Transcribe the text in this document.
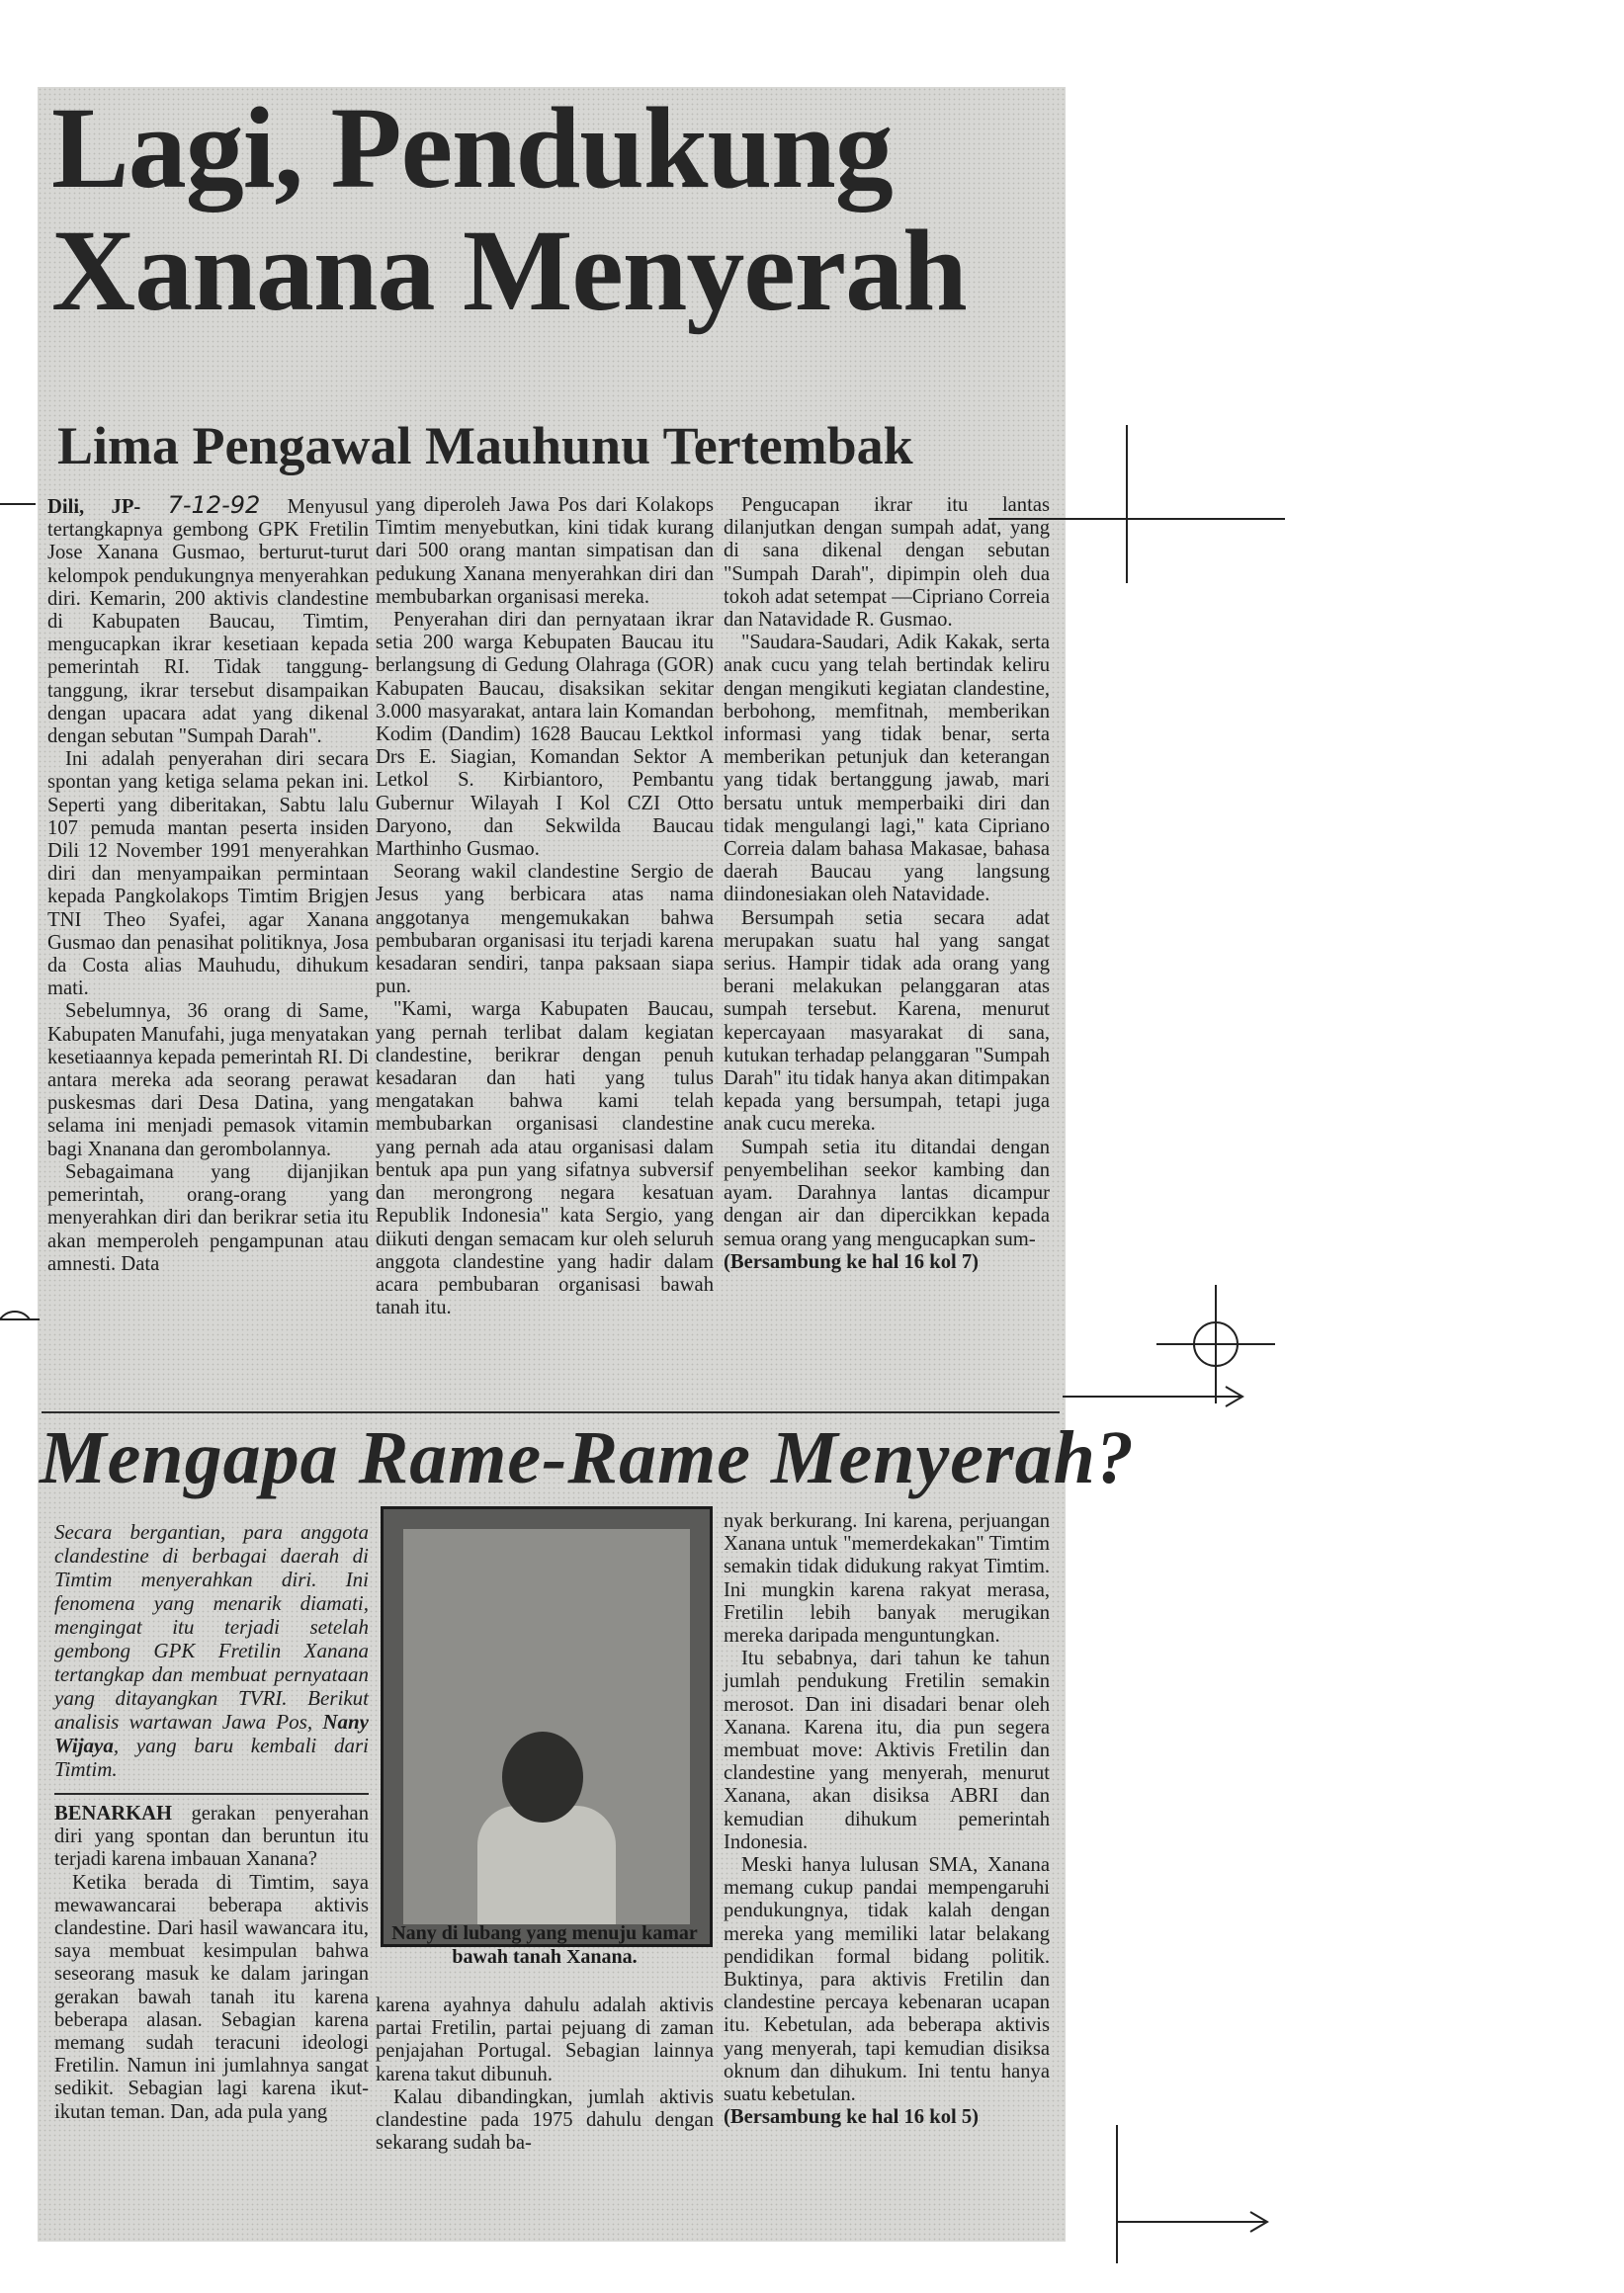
Lagi, Pendukung
Xanana Menyerah
Lima Pengawal Mauhunu Tertembak

Dili, JP- 7-12-92 Menyusul tertangkapnya gembong GPK Fretilin Jose Xanana Gusmao, berturut-turut kelompok pendukungnya menyerahkan diri. Kemarin, 200 aktivis clandestine di Kabupaten Baucau, Timtim, mengucapkan ikrar kesetiaan kepada pemerintah RI. Tidak tanggung-tanggung, ikrar tersebut disampaikan dengan upacara adat yang dikenal dengan sebutan "Sumpah Darah".

Ini adalah penyerahan diri secara spontan yang ketiga selama pekan ini. Seperti yang diberitakan, Sabtu lalu 107 pemuda mantan peserta insiden Dili 12 November 1991 menyerahkan diri dan menyampaikan permintaan kepada Pangkolakops Timtim Brigjen TNI Theo Syafei, agar Xanana Gusmao dan penasihat politiknya, Josa da Costa alias Mauhudu, dihukum mati.

Sebelumnya, 36 orang di Same, Kabupaten Manufahi, juga menyatakan kesetiaannya kepada pemerintah RI. Di antara mereka ada seorang perawat puskesmas dari Desa Datina, yang selama ini menjadi pemasok vitamin bagi Xnanana dan gerombolannya.

Sebagaimana yang dijanjikan pemerintah, orang-orang yang menyerahkan diri dan berikrar setia itu akan memperoleh pengampunan atau amnesti. Data

yang diperoleh Jawa Pos dari Kolakops Timtim menyebutkan, kini tidak kurang dari 500 orang mantan simpatisan dan pedukung Xanana menyerahkan diri dan membubarkan organisasi mereka.

Penyerahan diri dan pernyataan ikrar setia 200 warga Kebupaten Baucau itu berlangsung di Gedung Olahraga (GOR) Kabupaten Baucau, disaksikan sekitar 3.000 masyarakat, antara lain Komandan Kodim (Dandim) 1628 Baucau Lektkol Drs E. Siagian, Komandan Sektor A Letkol S. Kirbiantoro, Pembantu Gubernur Wilayah I Kol CZI Otto Daryono, dan Sekwilda Baucau Marthinho Gusmao.

Seorang wakil clandestine Sergio de Jesus yang berbicara atas nama anggotanya mengemukakan bahwa pembubaran organisasi itu terjadi karena kesadaran sendiri, tanpa paksaan siapa pun.

"Kami, warga Kabupaten Baucau, yang pernah terlibat dalam kegiatan clandestine, berikrar dengan penuh kesadaran dan hati yang tulus mengatakan bahwa kami telah membubarkan organisasi clandestine yang pernah ada atau organisasi dalam bentuk apa pun yang sifatnya subversif dan merongrong negara kesatuan Republik Indonesia" kata Sergio, yang diikuti dengan semacam kur oleh seluruh anggota clandestine yang hadir dalam acara pembubaran organisasi bawah tanah itu.

Pengucapan ikrar itu lantas dilanjutkan dengan sumpah adat, yang di sana dikenal dengan sebutan "Sumpah Darah", dipimpin oleh dua tokoh adat setempat —Cipriano Correia dan Natavidade R. Gusmao.

"Saudara-Saudari, Adik Kakak, serta anak cucu yang telah bertindak keliru dengan mengikuti kegiatan clandestine, berbohong, memfitnah, memberikan informasi yang tidak benar, serta memberikan petunjuk dan keterangan yang tidak bertanggung jawab, mari bersatu untuk memperbaiki diri dan tidak mengulangi lagi," kata Cipriano Correia dalam bahasa Makasae, bahasa daerah Baucau yang langsung diindonesiakan oleh Natavidade.

Bersumpah setia secara adat merupakan suatu hal yang sangat serius. Hampir tidak ada orang yang berani melakukan pelanggaran atas sumpah tersebut. Karena, menurut kepercayaan masyarakat di sana, kutukan terhadap pelanggaran "Sumpah Darah" itu tidak hanya akan ditimpakan kepada yang bersumpah, tetapi juga anak cucu mereka.

Sumpah setia itu ditandai dengan penyembelihan seekor kambing dan ayam. Darahnya lantas dicampur dengan air dan dipercikkan kepada semua orang yang mengucapkan sum-

(Bersambung ke hal 16 kol 7)

Mengapa Rame-Rame Menyerah?
Secara bergantian, para anggota clandestine di berbagai daerah di Timtim menyerahkan diri. Ini fenomena yang menarik diamati, mengingat itu terjadi setelah gembong GPK Fretilin Xanana tertangkap dan membuat pernyataan yang ditayangkan TVRI. Berikut analisis wartawan Jawa Pos, Nany Wijaya, yang baru kembali dari Timtim.

BENARKAH gerakan penyerahan diri yang spontan dan beruntun itu terjadi karena imbauan Xanana?

Ketika berada di Timtim, saya mewawancarai beberapa aktivis clandestine. Dari hasil wawancara itu, saya membuat kesimpulan bahwa seseorang masuk ke dalam jaringan gerakan bawah tanah itu karena beberapa alasan. Sebagian karena memang sudah teracuni ideologi Fretilin. Namun ini jumlahnya sangat sedikit. Sebagian lagi karena ikut-ikutan teman. Dan, ada pula yang

Nany di lubang yang menuju kamar bawah tanah Xanana.

karena ayahnya dahulu adalah aktivis partai Fretilin, partai pejuang di zaman penjajahan Portugal. Sebagian lainnya karena takut dibunuh.

Kalau dibandingkan, jumlah aktivis clandestine pada 1975 dahulu dengan sekarang sudah ba-

nyak berkurang. Ini karena, perjuangan Xanana untuk "memerdekakan" Timtim semakin tidak didukung rakyat Timtim. Ini mungkin karena rakyat merasa, Fretilin lebih banyak merugikan mereka daripada menguntungkan.

Itu sebabnya, dari tahun ke tahun jumlah pendukung Fretilin semakin merosot. Dan ini disadari benar oleh Xanana. Karena itu, dia pun segera membuat move: Aktivis Fretilin dan clandestine yang menyerah, menurut Xanana, akan disiksa ABRI dan kemudian dihukum pemerintah Indonesia.

Meski hanya lulusan SMA, Xanana memang cukup pandai mempengaruhi pendukungnya, tidak kalah dengan mereka yang memiliki latar belakang pendidikan formal bidang politik. Buktinya, para aktivis Fretilin dan clandestine percaya kebenaran ucapan itu. Kebetulan, ada beberapa aktivis yang menyerah, tapi kemudian disiksa oknum dan dihukum. Ini tentu hanya suatu kebetulan.

(Bersambung ke hal 16 kol 5)
